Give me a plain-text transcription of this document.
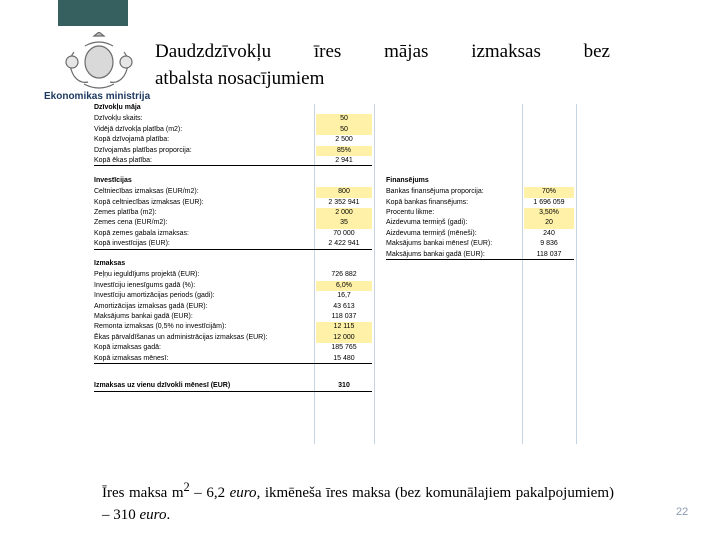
Ekonomikas ministrija
Daudzdzīvokļu īres mājas izmaksas bez
atbalsta nosacījumiem
Dzīvokļu māja
Dzīvokļu skaits:	50
Vidējā dzīvokļa platība (m2):	50
Kopā dzīvojamā platība:	2 500
Dzīvojamās platības proporcija:	85%
Kopā ēkas platība:	2 941
Investīcijas
Celtniecības izmaksas (EUR/m2):	800
Kopā celtniecības izmaksas (EUR):	2 352 941
Zemes platība (m2):	2 000
Zemes cena (EUR/m2):	35
Kopā zemes gabala izmaksas:	70 000
Kopā investīcijas (EUR):	2 422 941
Finansējums
Bankas finansējuma proporcija:	70%
Kopā bankas finansējums:	1 696 059
Procentu likme:	3,50%
Aizdevuma termiņš (gadi):	20
Aizdevuma termiņš (mēneši):	240
Maksājums bankai mēnesī (EUR):	9 836
Maksājums bankai gadā (EUR):	118 037
Izmaksas
Peļņu ieguldījums projektā (EUR):	726 882
Investīciju ienesīgums gadā (%):	6,0%
Investīciju amortizācijas periods (gadi):	16,7
Amortizācijas izmaksas gadā (EUR):	43 613
Maksājums bankai gadā (EUR):	118 037
Remonta izmaksas (0,5% no investīcijām):	12 115
Ēkas pārvaldīšanas un administrācijas izmaksas (EUR):	12 000
Kopā izmaksas gadā:	185 765
Kopā izmaksas mēnesī:	15 480
Izmaksas uz vienu dzīvokli mēnesī (EUR)	310
Īres maksa $m^2 - 6,2$ euro, ikmēneša īres maksa (bez komunālajiem pakalpojumiem) – 310 euro.	22
